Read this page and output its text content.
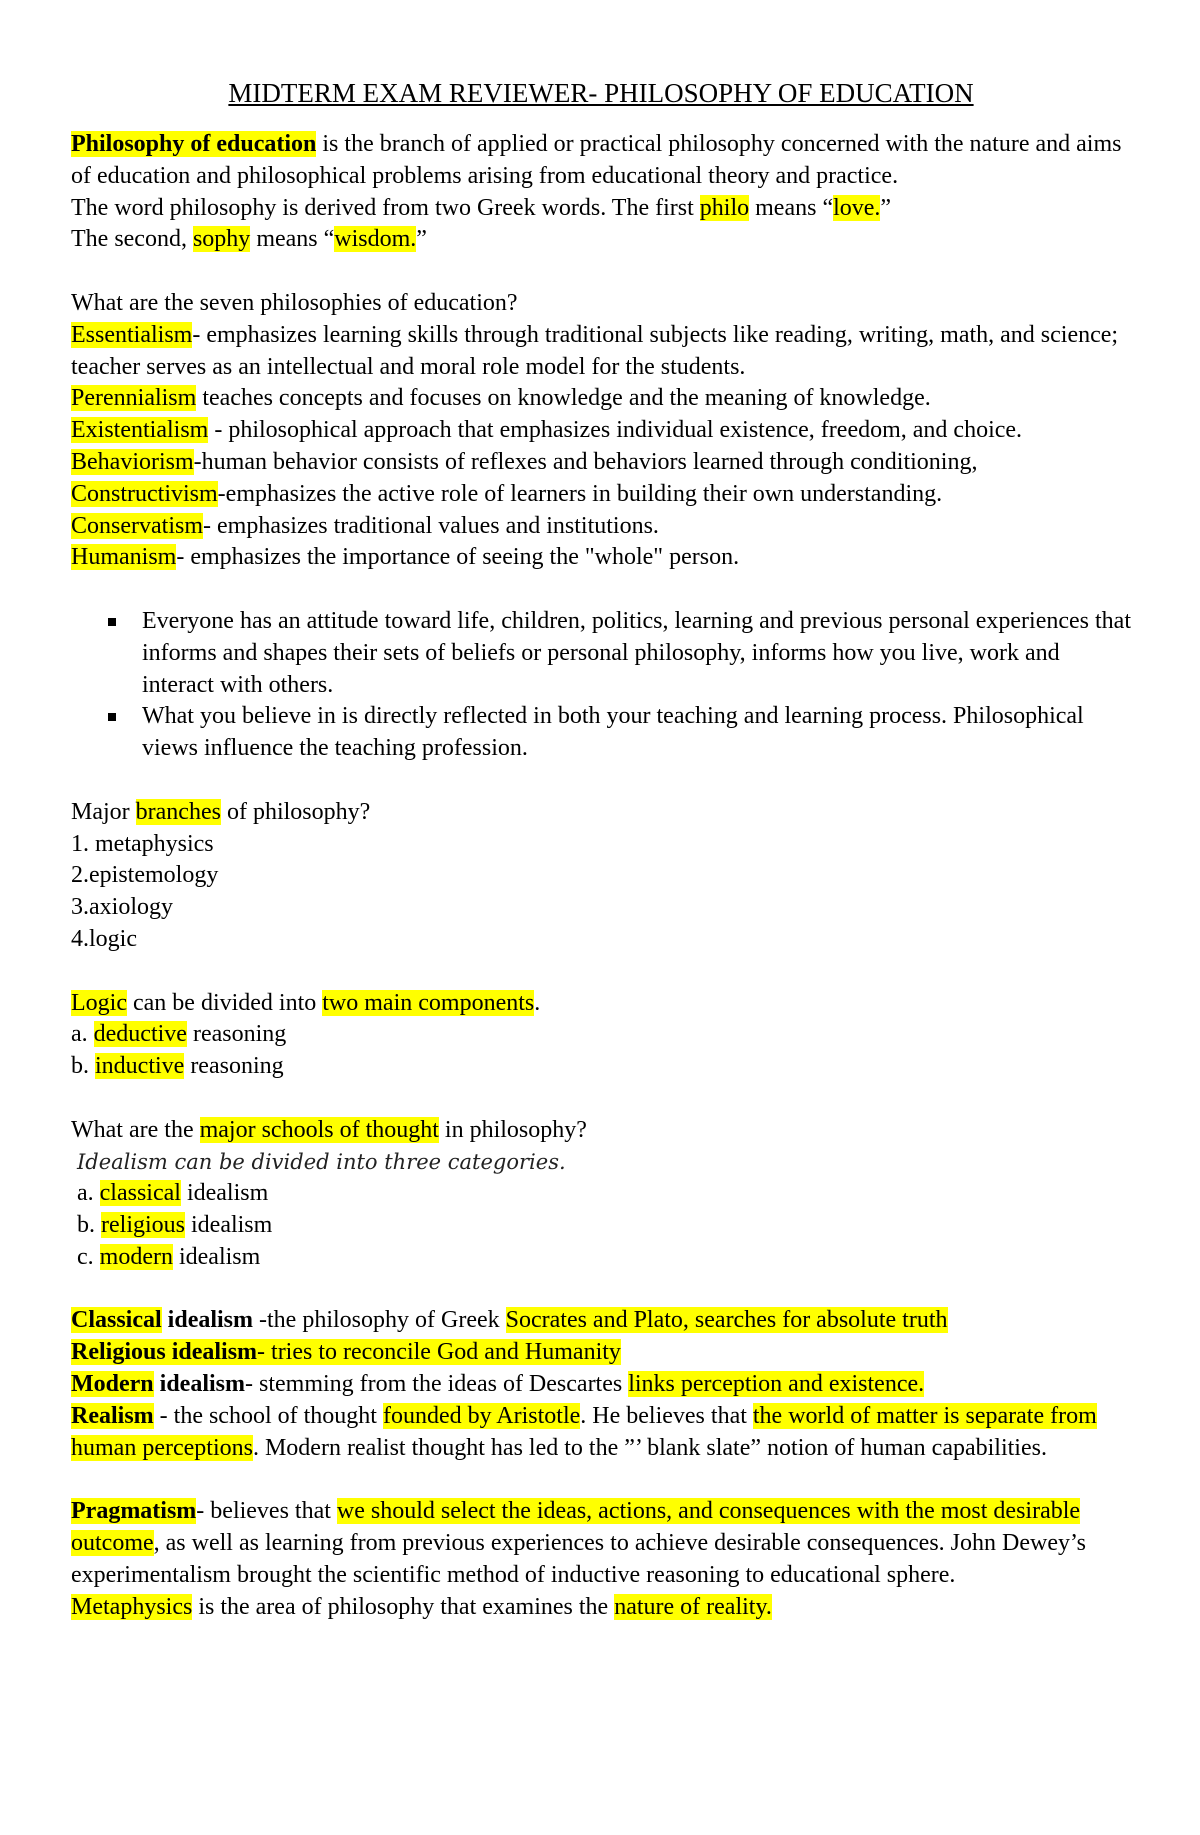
MIDTERM EXAM REVIEWER- PHILOSOPHY OF EDUCATION

Philosophy of education is the branch of applied or practical philosophy concerned with the nature and aims of education and philosophical problems arising from educational theory and practice.

The word philosophy is derived from two Greek words. The first philo means “love.”

The second, sophy means “wisdom.”

What are the seven philosophies of education?

Essentialism- emphasizes learning skills through traditional subjects like reading, writing, math, and science; teacher serves as an intellectual and moral role model for the students.

Perennialism teaches concepts and focuses on knowledge and the meaning of knowledge.

Existentialism - philosophical approach that emphasizes individual existence, freedom, and choice.

Behaviorism-human behavior consists of reflexes and behaviors learned through conditioning,

Constructivism-emphasizes the active role of learners in building their own understanding.

Conservatism- emphasizes traditional values and institutions.

Humanism- emphasizes the importance of seeing the "whole" person.

Everyone has an attitude toward life, children, politics, learning and previous personal experiences that informs and shapes their sets of beliefs or personal philosophy, informs how you live, work and interact with others.
What you believe in is directly reflected in both your teaching and learning process. Philosophical views influence the teaching profession.

Major branches of philosophy?

1. metaphysics

2.epistemology

3.axiology

4.logic

Logic can be divided into two main components.

a. deductive reasoning

b. inductive reasoning

What are the major schools of thought in philosophy?

Idealism can be divided into three categories.

a. classical idealism

b. religious idealism

c. modern idealism

Classical idealism -the philosophy of Greek Socrates and Plato, searches for absolute truth

Religious idealism- tries to reconcile God and Humanity

Modern idealism- stemming from the ideas of Descartes links perception and existence.

Realism - the school of thought founded by Aristotle. He believes that the world of matter is separate from human perceptions. Modern realist thought has led to the ”’ blank slate” notion of human capabilities.

Pragmatism- believes that we should select the ideas, actions, and consequences with the most desirable outcome, as well as learning from previous experiences to achieve desirable consequences. John Dewey’s experimentalism brought the scientific method of inductive reasoning to educational sphere.

Metaphysics is the area of philosophy that examines the nature of reality.
